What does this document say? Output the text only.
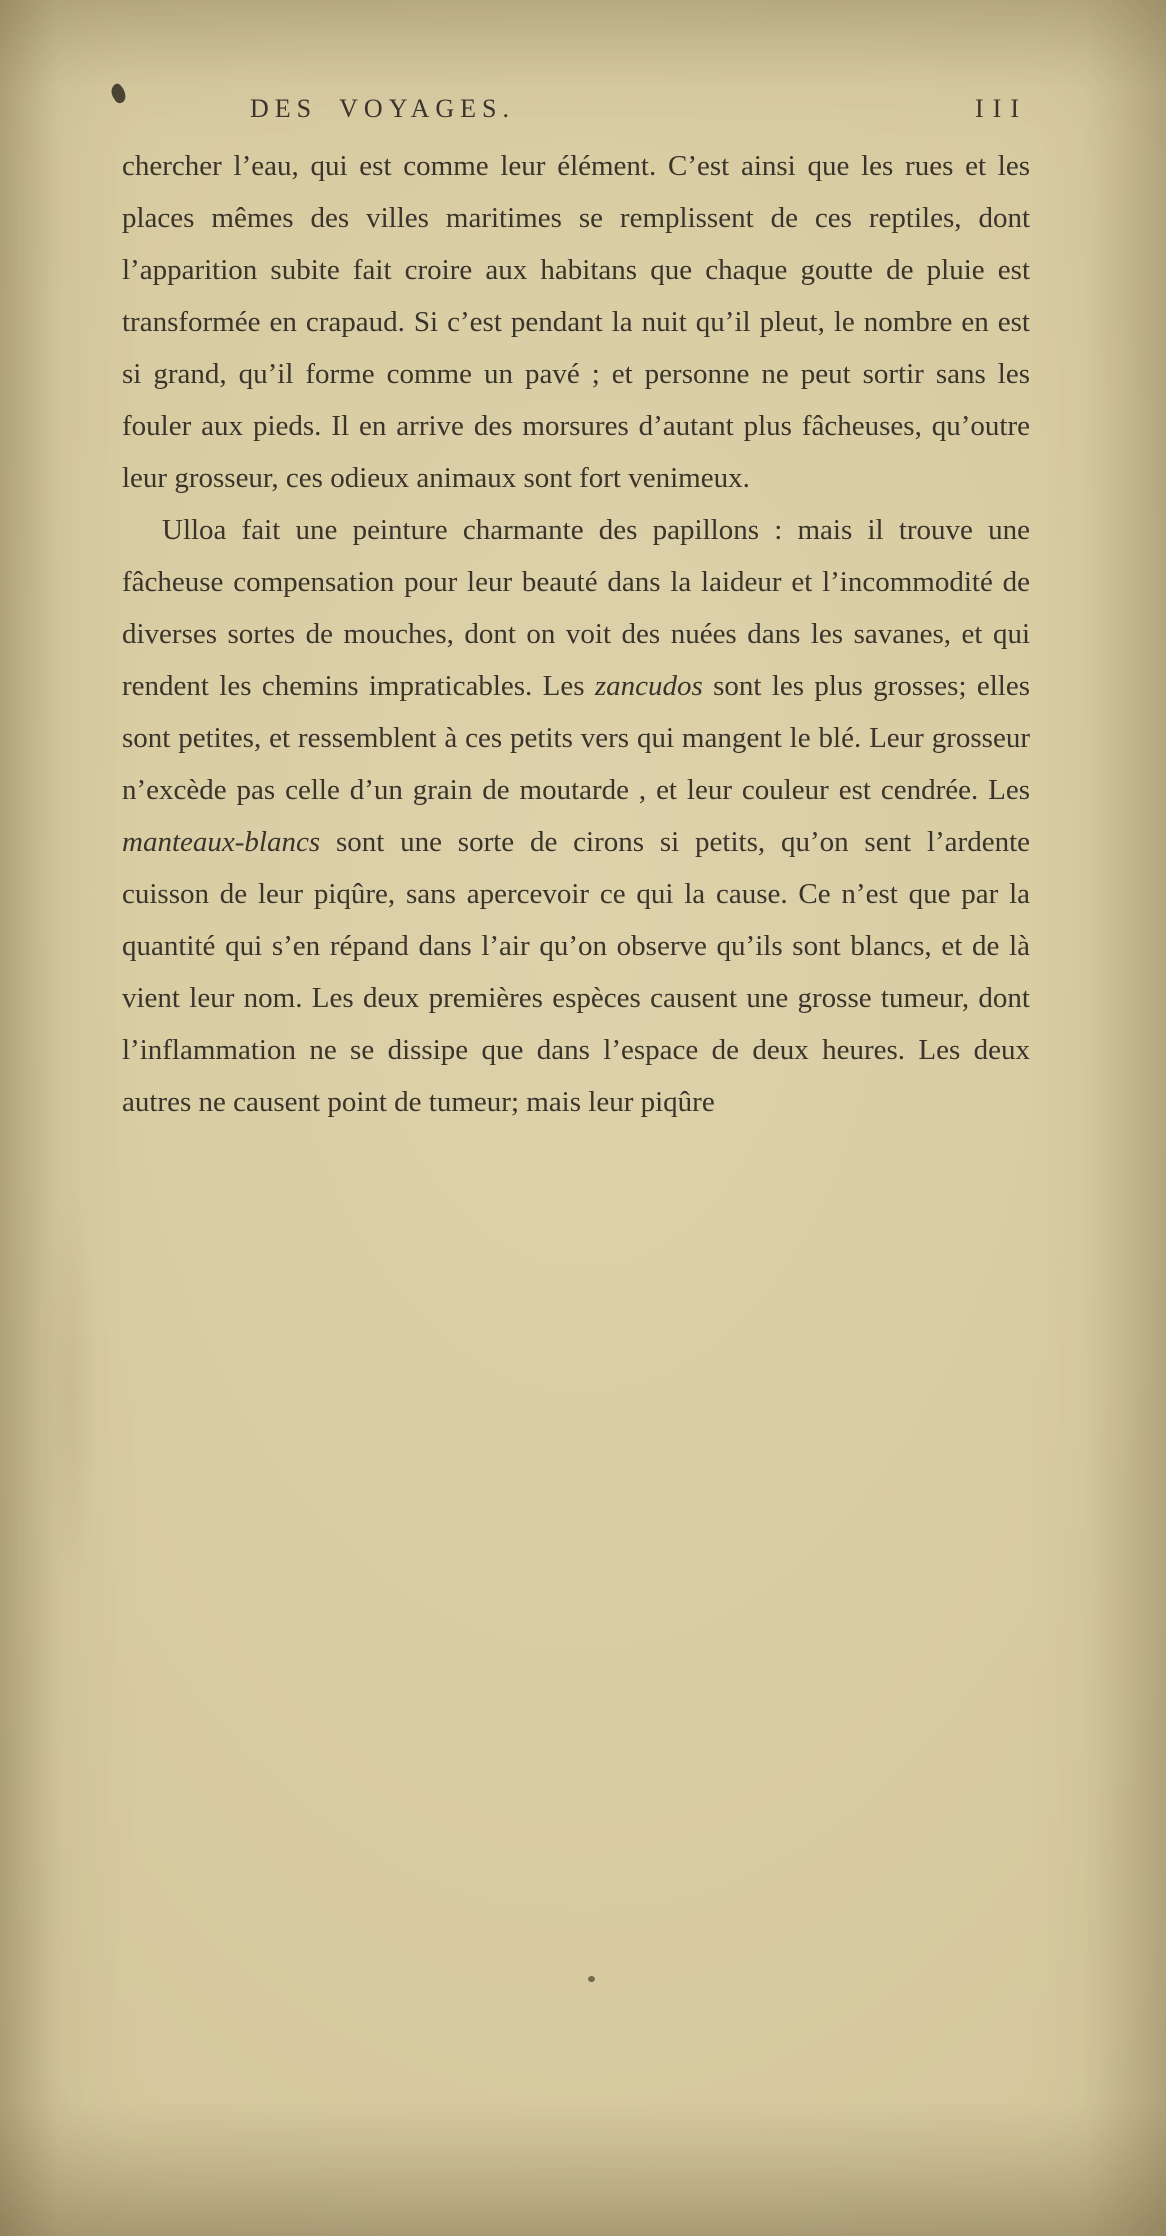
DES VOYAGES.	III

chercher l’eau, qui est comme leur élément. C’est ainsi que les rues et les places mêmes des villes maritimes se remplissent de ces reptiles, dont l’apparition subite fait croire aux habitans que chaque goutte de pluie est transformée en crapaud. Si c’est pendant la nuit qu’il pleut, le nombre en est si grand, qu’il forme comme un pavé ; et personne ne peut sortir sans les fouler aux pieds. Il en arrive des morsures d’autant plus fâcheuses, qu’outre leur grosseur, ces odieux animaux sont fort venimeux.

Ulloa fait une peinture charmante des papillons : mais il trouve une fâcheuse compensation pour leur beauté dans la laideur et l’incommodité de diverses sortes de mouches, dont on voit des nuées dans les savanes, et qui rendent les chemins impraticables. Les zancudos sont les plus grosses; elles sont petites, et ressemblent à ces petits vers qui mangent le blé. Leur grosseur n’excède pas celle d’un grain de moutarde , et leur couleur est cendrée. Les manteaux-blancs sont une sorte de cirons si petits, qu’on sent l’ardente cuisson de leur piqûre, sans apercevoir ce qui la cause. Ce n’est que par la quantité qui s’en répand dans l’air qu’on observe qu’ils sont blancs, et de là vient leur nom. Les deux premières espèces causent une grosse tumeur, dont l’inflammation ne se dissipe que dans l’espace de deux heures. Les deux autres ne causent point de tumeur; mais leur piqûre
